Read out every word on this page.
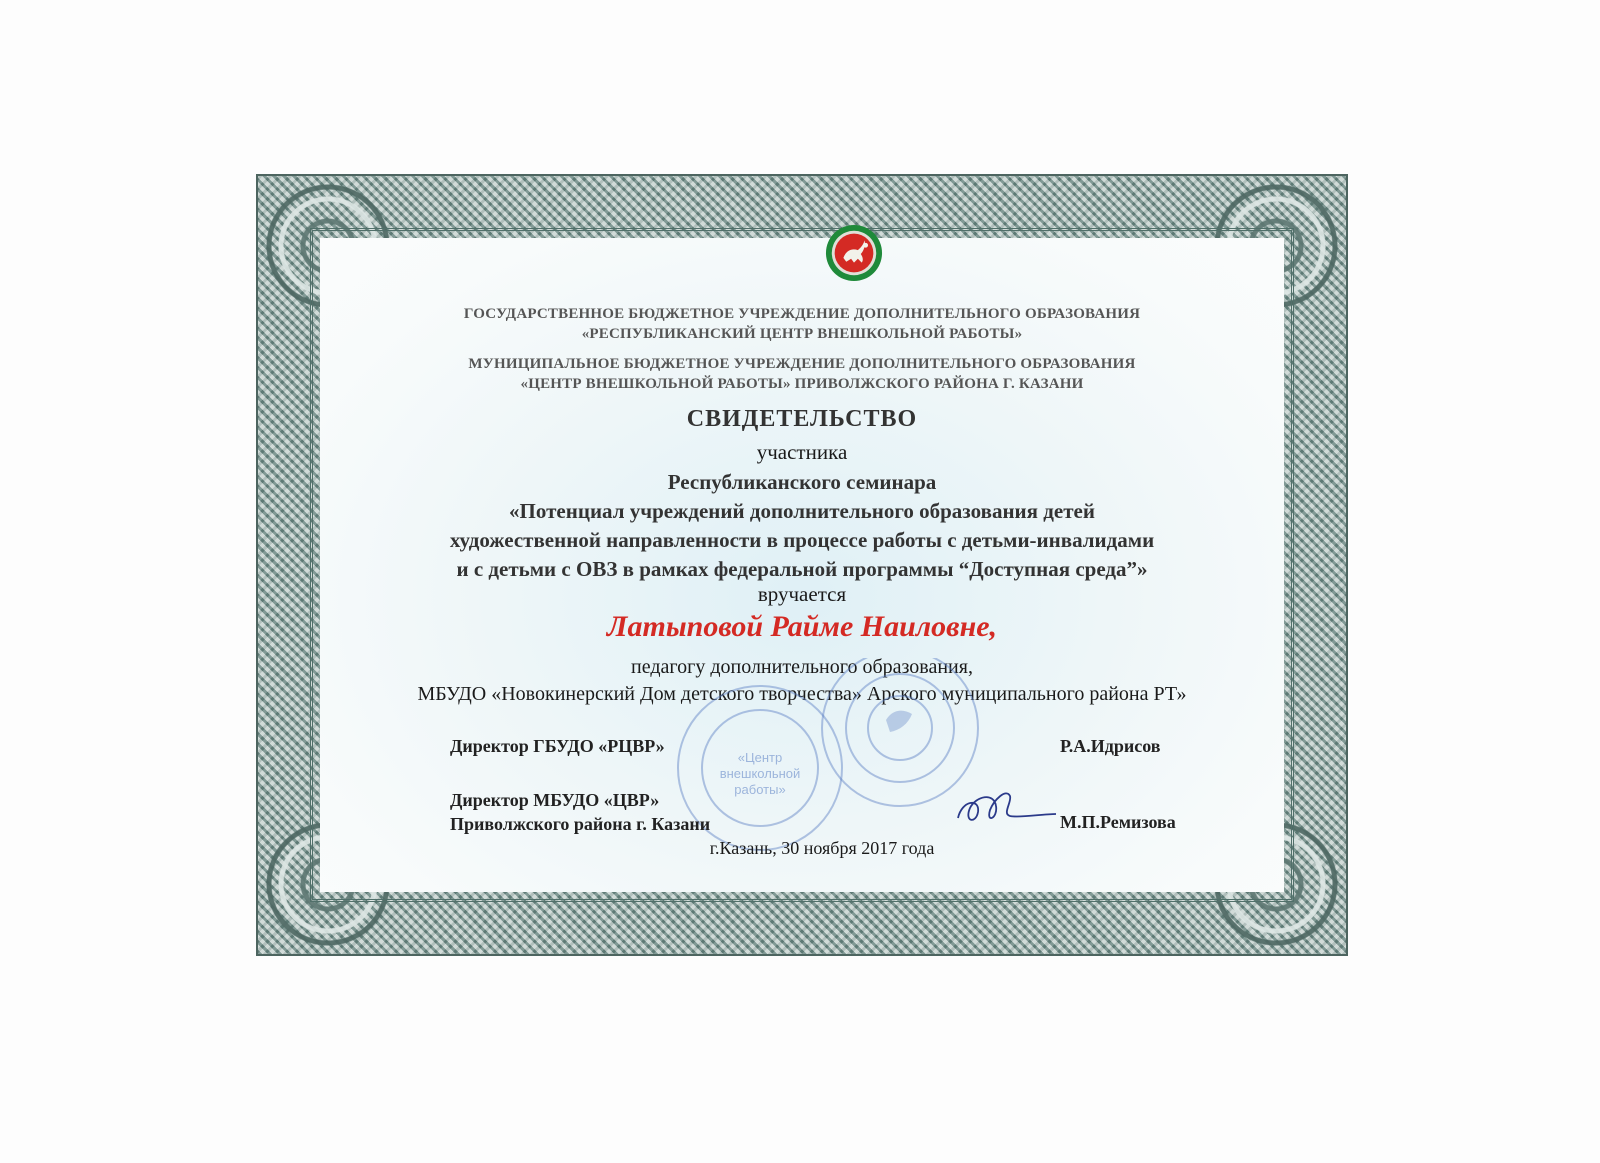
ГОСУДАРСТВЕННОЕ БЮДЖЕТНОЕ УЧРЕЖДЕНИЕ ДОПОЛНИТЕЛЬНОГО ОБРАЗОВАНИЯ
«РЕСПУБЛИКАНСКИЙ ЦЕНТР ВНЕШКОЛЬНОЙ РАБОТЫ»
МУНИЦИПАЛЬНОЕ БЮДЖЕТНОЕ УЧРЕЖДЕНИЕ ДОПОЛНИТЕЛЬНОГО ОБРАЗОВАНИЯ
«ЦЕНТР ВНЕШКОЛЬНОЙ РАБОТЫ» ПРИВОЛЖСКОГО РАЙОНА Г. КАЗАНИ
СВИДЕТЕЛЬСТВО
участника
Республиканского семинара
«Потенциал учреждений дополнительного образования детей
художественной направленности в процессе работы с детьми-инвалидами
и с детьми с ОВЗ в рамках федеральной программы “Доступная среда”»
вручается
Латыповой Райме Наиловне,
педагогу дополнительного образования,
МБУДО «Новокинерский Дом детского творчества» Арского муниципального района РТ»
«Центр
внешкольной
работы»
Директор ГБУДО «РЦВР»	Р.А.Идрисов
Директор МБУДО «ЦВР»
Приволжского района г. Казани	М.П.Ремизова
г.Казань, 30 ноября 2017 года
